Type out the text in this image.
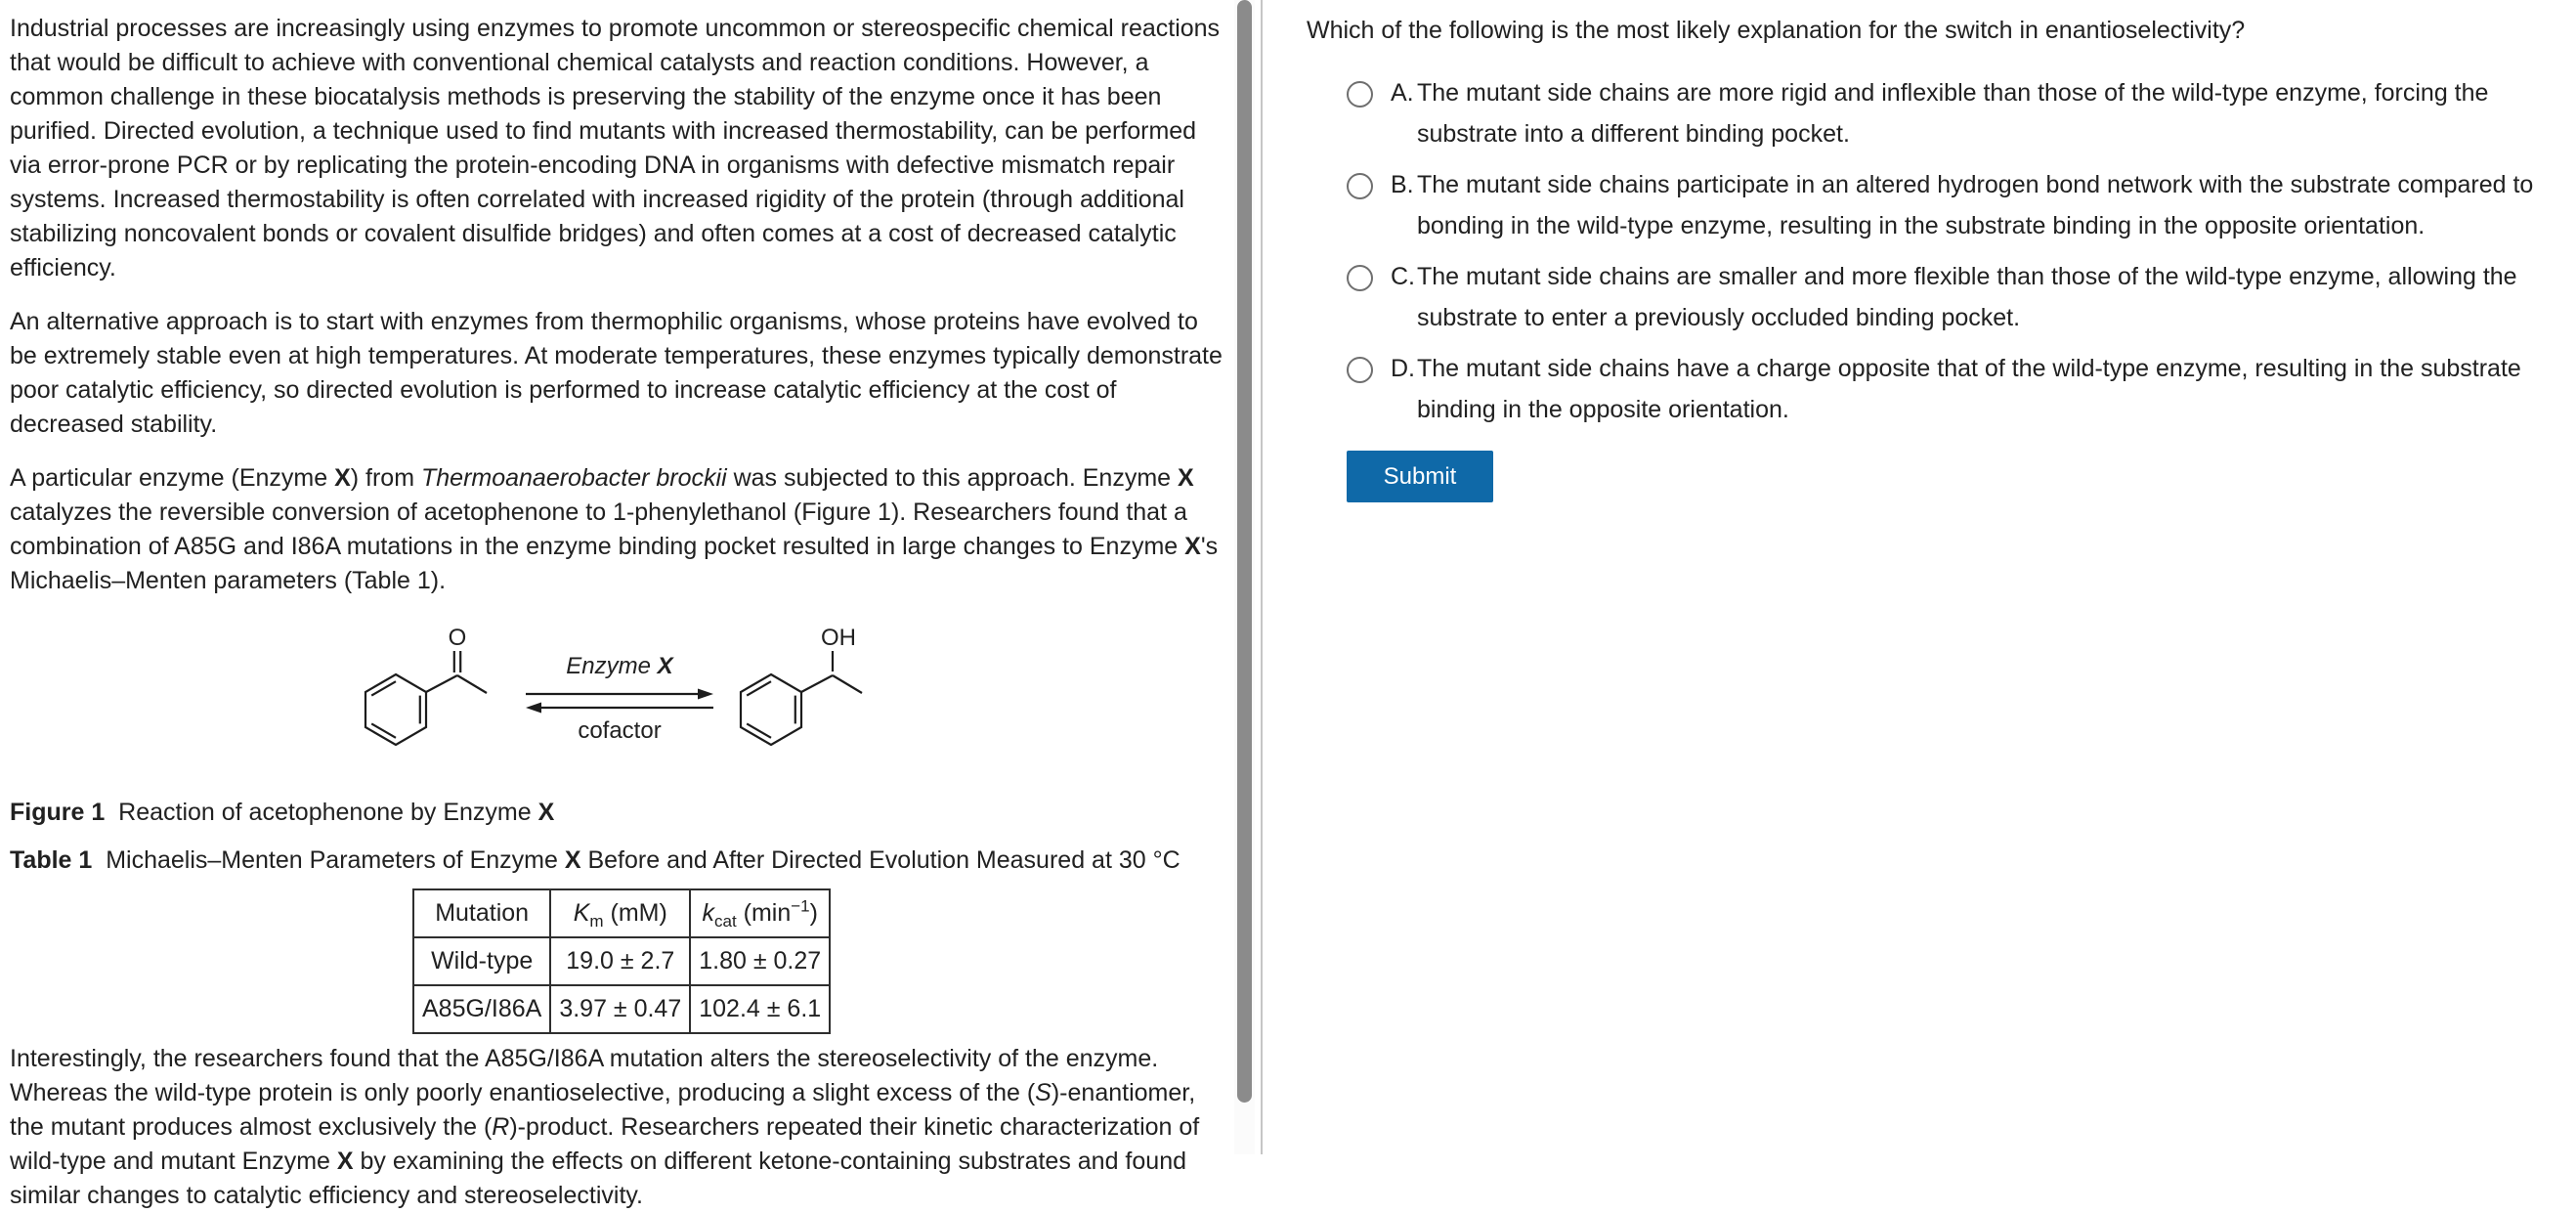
Industrial processes are increasingly using enzymes to promote uncommon or stereospecific chemical reactions that would be difficult to achieve with conventional chemical catalysts and reaction conditions. However, a common challenge in these biocatalysis methods is preserving the stability of the enzyme once it has been purified. Directed evolution, a technique used to find mutants with increased thermostability, can be performed via error-prone PCR or by replicating the protein-encoding DNA in organisms with defective mismatch repair systems. Increased thermostability is often correlated with increased rigidity of the protein (through additional stabilizing noncovalent bonds or covalent disulfide bridges) and often comes at a cost of decreased catalytic efficiency.

An alternative approach is to start with enzymes from thermophilic organisms, whose proteins have evolved to be extremely stable even at high temperatures. At moderate temperatures, these enzymes typically demonstrate poor catalytic efficiency, so directed evolution is performed to increase catalytic efficiency at the cost of decreased stability.

A particular enzyme (Enzyme X) from Thermoanaerobacter brockii was subjected to this approach. Enzyme X catalyzes the reversible conversion of acetophenone to 1-phenylethanol (Figure 1). Researchers found that a combination of A85G and I86A mutations in the enzyme binding pocket resulted in large changes to Enzyme X's Michaelis–Menten parameters (Table 1).

O	OH
Enzyme X
cofactor
Figure 1  Reaction of acetophenone by Enzyme X
Table 1  Michaelis–Menten Parameters of Enzyme X Before and After Directed Evolution Measured at 30 °C
Mutation	$K_m$ (mM)	$k_{cat}$ $(\min^{-1})$
Wild-type	19.0 ± 2.7	1.80 ± 0.27
A85G/I86A	3.97 ± 0.47	102.4 ± 6.1

Interestingly, the researchers found that the A85G/I86A mutation alters the stereoselectivity of the enzyme. Whereas the wild-type protein is only poorly enantioselective, producing a slight excess of the (S)-enantiomer, the mutant produces almost exclusively the (R)-product. Researchers repeated their kinetic characterization of wild-type and mutant Enzyme X by examining the effects on different ketone-containing substrates and found similar changes to catalytic efficiency and stereoselectivity.

Which of the following is the most likely explanation for the switch in enantioselectivity?
A. The mutant side chains are more rigid and inflexible than those of the wild-type enzyme, forcing the substrate into a different binding pocket.
B. The mutant side chains participate in an altered hydrogen bond network with the substrate compared to bonding in the wild-type enzyme, resulting in the substrate binding in the opposite orientation.
C. The mutant side chains are smaller and more flexible than those of the wild-type enzyme, allowing the substrate to enter a previously occluded binding pocket.
D. The mutant side chains have a charge opposite that of the wild-type enzyme, resulting in the substrate binding in the opposite orientation.
Submit
